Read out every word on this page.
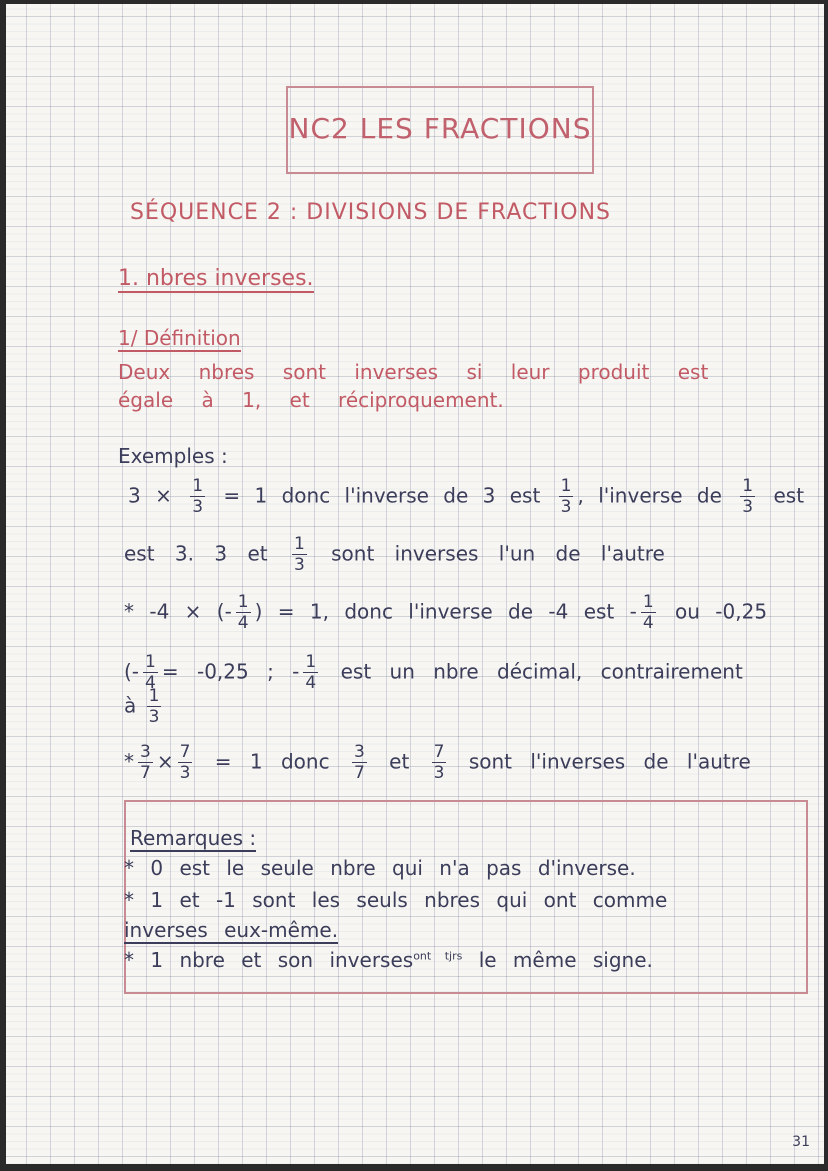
NC2 LES FRACTIONS
SÉQUENCE 2 : DIVISIONS DE FRACTIONS
1. nbres inverses.
1/ Définition
Deux nbres sont inverses si leur produit est
égale à 1, et réciproquement.
Exemples :
$3 \times \frac{1}{3} = 1$ donc l'inverse de 3 est $\frac{1}{3}$ , l'inverse de $\frac{1}{3}$ est
est 3. 3 et $\frac{1}{3}$ sont inverses l'un de l'autre
* -4 × (- $\frac{1}{4}$ ) = 1, donc l'inverse de -4 est - $\frac{1}{4}$ ou -0,25
(- $\frac{1}{4} = -0,25$ ; - $\frac{1}{4}$ est un nbre décimal, contrairement
à $\frac{1}{3}$
* $\frac{3}{7} \times \frac{7}{3} = 1$ donc $\frac{3}{7}$ et $\frac{7}{3}$ sont l'inverses de l'autre
Remarques :
* 0 est le seule nbre qui n'a pas d'inverse.
* 1 et -1 sont les seuls nbres qui ont comme
inverses eux-même.
* 1 nbre et son inverses$^{ont tjrs}$ le même signe.
31
